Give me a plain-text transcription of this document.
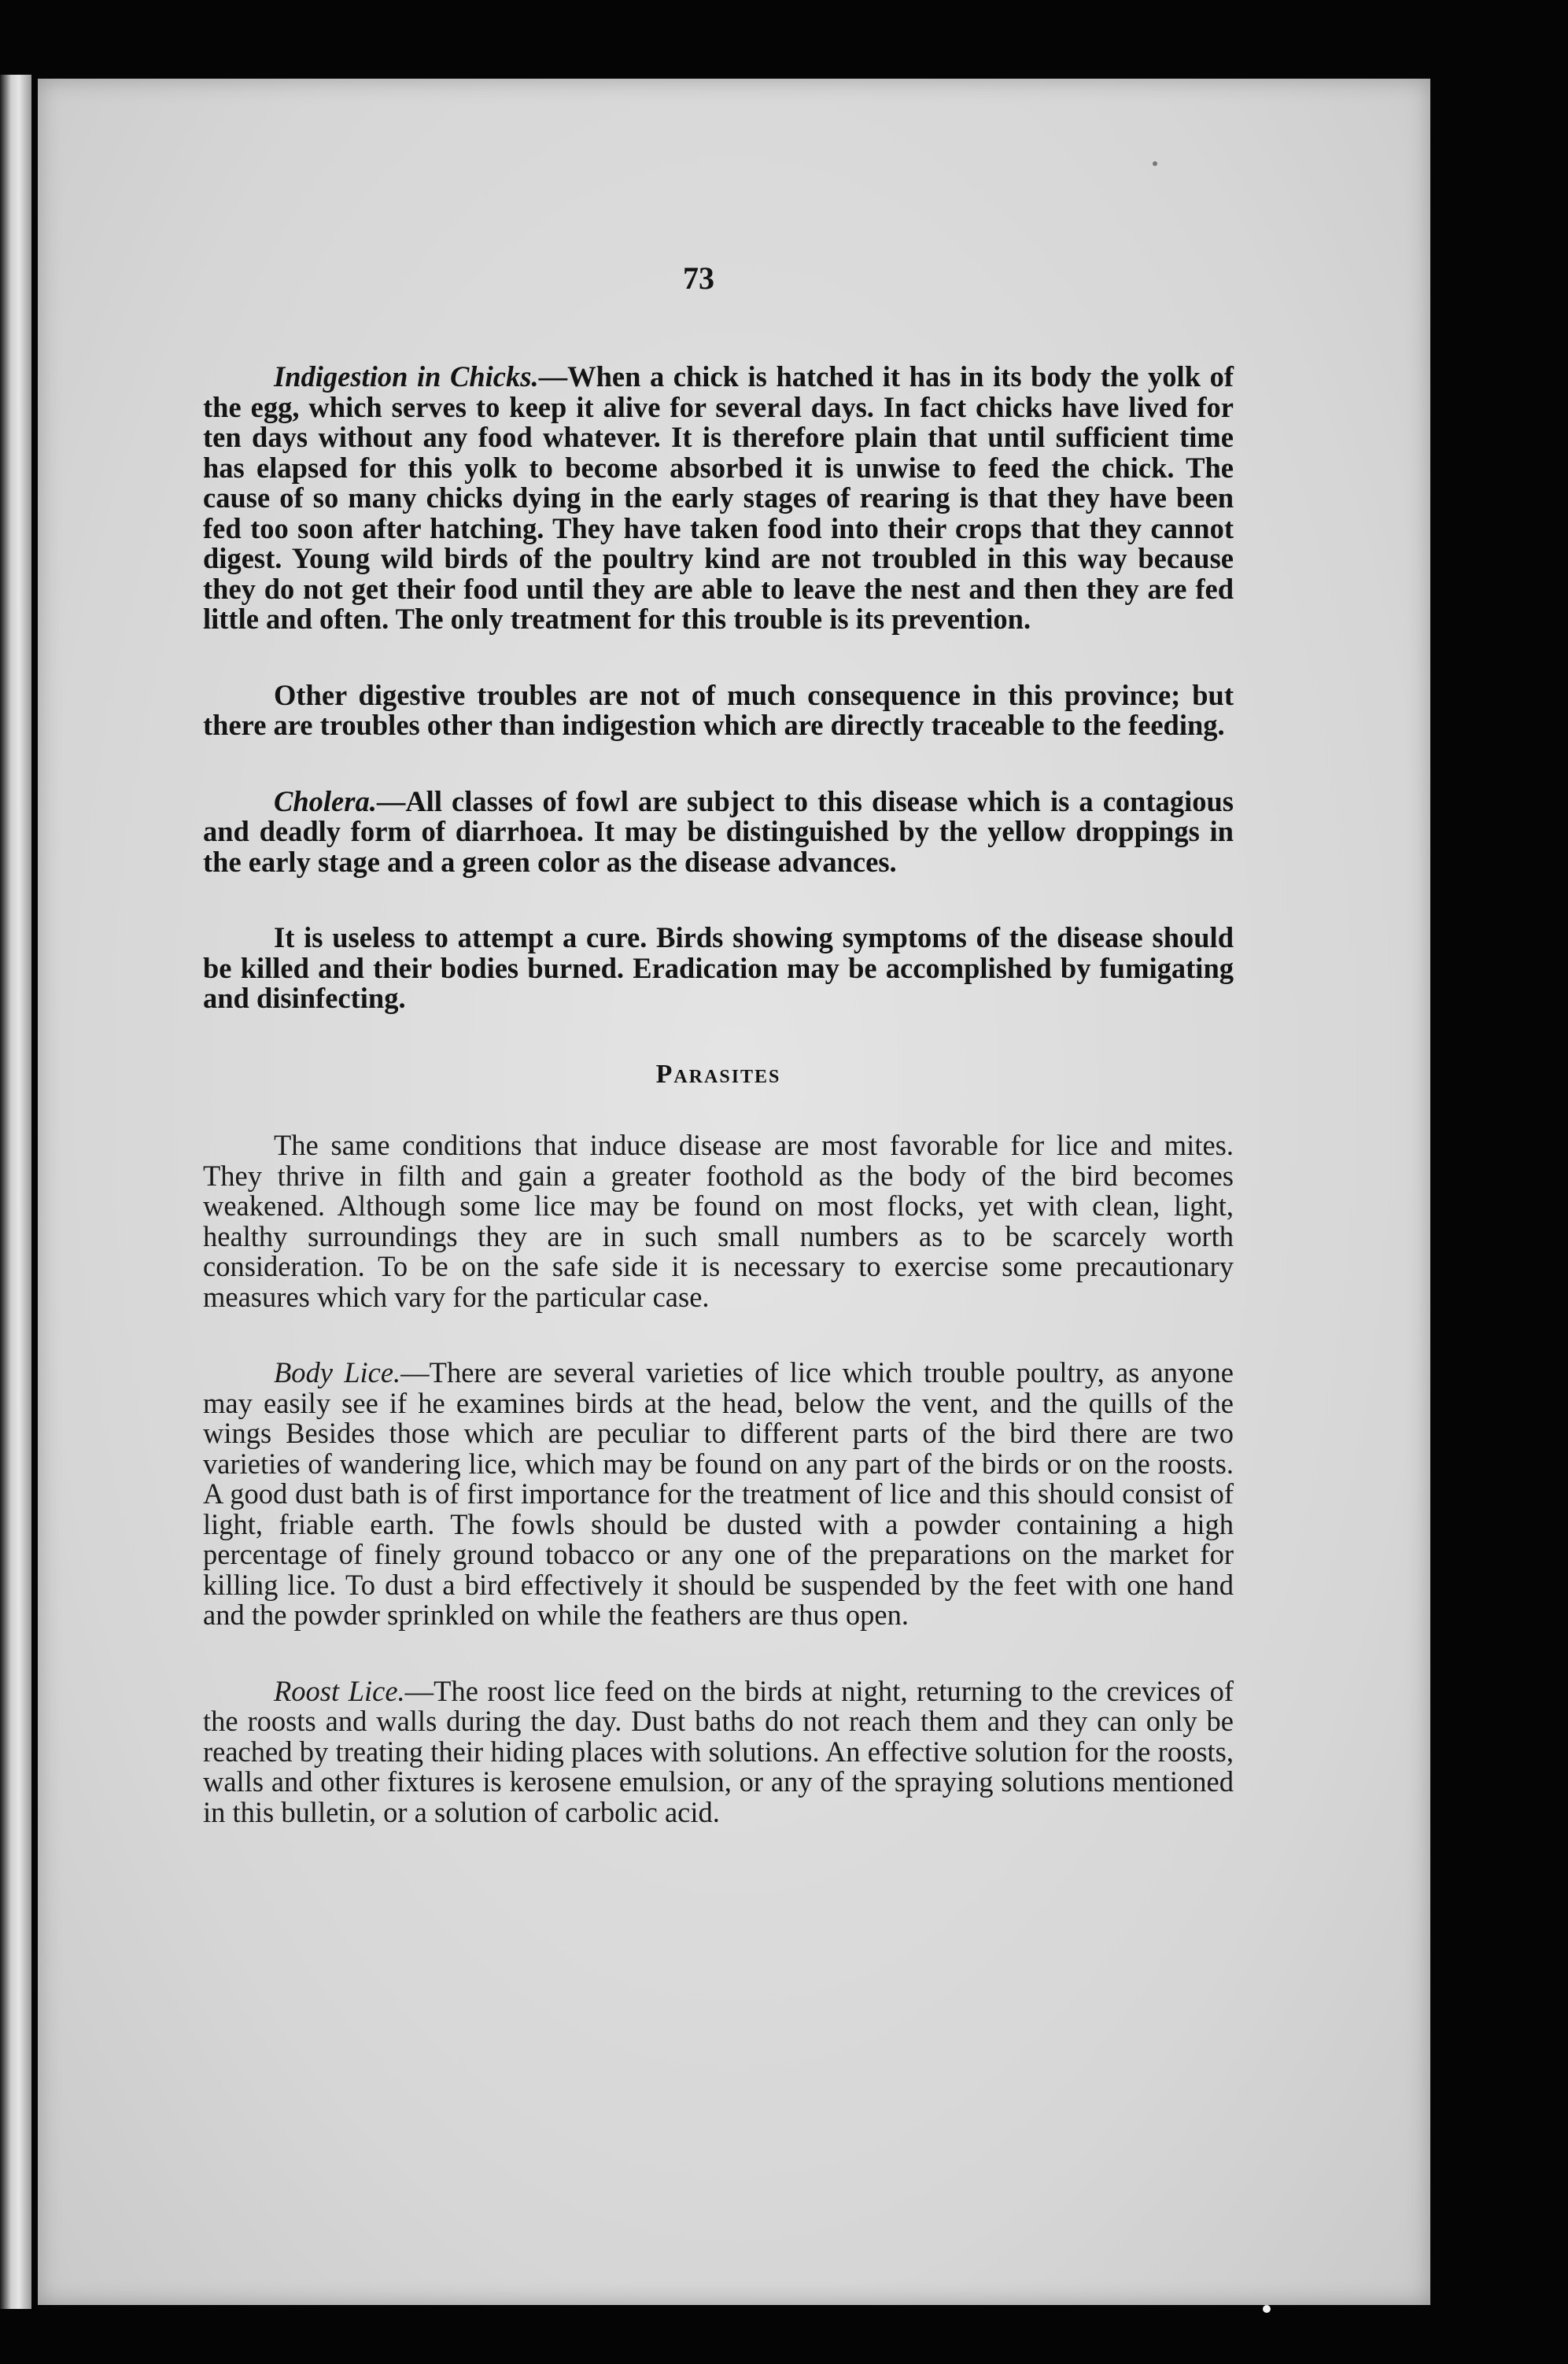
73

Indigestion in Chicks.—When a chick is hatched it has in its body the yolk of the egg, which serves to keep it alive for several days. In fact chicks have lived for ten days without any food whatever. It is therefore plain that until sufficient time has elapsed for this yolk to become absorbed it is unwise to feed the chick. The cause of so many chicks dying in the early stages of rearing is that they have been fed too soon after hatching. They have taken food into their crops that they cannot digest. Young wild birds of the poultry kind are not troubled in this way because they do not get their food until they are able to leave the nest and then they are fed little and often. The only treatment for this trouble is its prevention.

Other digestive troubles are not of much consequence in this province; but there are troubles other than indigestion which are directly traceable to the feeding.

Cholera.—All classes of fowl are subject to this disease which is a contagious and deadly form of diarrhoea. It may be distinguished by the yellow droppings in the early stage and a green color as the disease advances.

It is useless to attempt a cure. Birds showing symptoms of the disease should be killed and their bodies burned. Eradication may be accomplished by fumigating and disinfecting.

Parasites

The same conditions that induce disease are most favorable for lice and mites. They thrive in filth and gain a greater foothold as the body of the bird becomes weakened. Although some lice may be found on most flocks, yet with clean, light, healthy surroundings they are in such small numbers as to be scarcely worth consideration. To be on the safe side it is necessary to exercise some precautionary measures which vary for the particular case.

Body Lice.—There are several varieties of lice which trouble poultry, as anyone may easily see if he examines birds at the head, below the vent, and the quills of the wings Besides those which are peculiar to different parts of the bird there are two varieties of wandering lice, which may be found on any part of the birds or on the roosts. A good dust bath is of first importance for the treatment of lice and this should consist of light, friable earth. The fowls should be dusted with a powder containing a high percentage of finely ground tobacco or any one of the preparations on the market for killing lice. To dust a bird effectively it should be suspended by the feet with one hand and the powder sprinkled on while the feathers are thus open.

Roost Lice.—The roost lice feed on the birds at night, returning to the crevices of the roosts and walls during the day. Dust baths do not reach them and they can only be reached by treating their hiding places with solutions. An effective solution for the roosts, walls and other fixtures is kerosene emulsion, or any of the spraying solutions mentioned in this bulletin, or a solution of carbolic acid.
